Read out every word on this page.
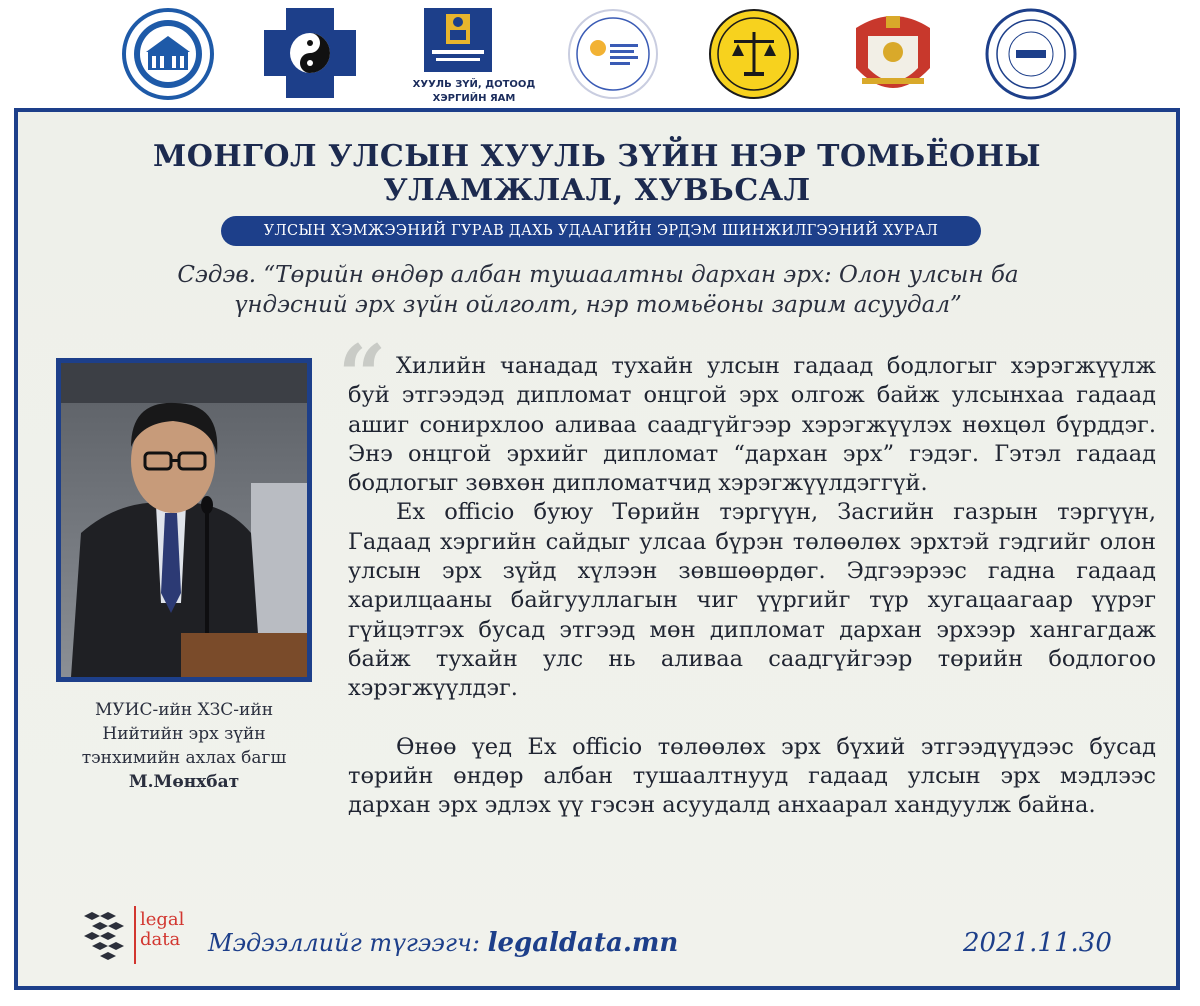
ХУУЛЬ ЗҮЙ, ДОТООД
ХЭРГИЙН ЯАМ
МОНГОЛ УЛСЫН ХУУЛЬ ЗҮЙН НЭР ТОМЬЁОНЫ
УЛАМЖЛАЛ, ХУВЬСАЛ
УЛСЫН ХЭМЖЭЭНИЙ ГУРАВ ДАХЬ УДААГИЙН ЭРДЭМ ШИНЖИЛГЭЭНИЙ ХУРАЛ
Сэдэв. “Төрийн өндөр албан тушаалтны дархан эрх: Олон улсын ба
үндэсний эрх зүйн ойлголт, нэр томьёоны зарим асуудал”
МУИС-ийн ХЗС-ийн
Нийтийн эрх зүйн
тэнхимийн ахлах багш
М.Мөнхбат
“ Хилийн чанадад тухайн улсын гадаад бодлогыг хэрэгжүүлж буй этгээдэд дипломат онцгой эрх олгож байж улсынхаа гадаад ашиг сонирхлоо аливаа саадгүйгээр хэрэгжүүлэх нөхцөл бүрддэг. Энэ онцгой эрхийг дипломат “дархан эрх” гэдэг. Гэтэл гадаад бодлогыг зөвхөн дипломатчид хэрэгжүүлдэггүй.

Ex officio буюу Төрийн тэргүүн, Засгийн газрын тэргүүн, Гадаад хэргийн сайдыг улсаа бүрэн төлөөлөх эрхтэй гэдгийг олон улсын эрх зүйд хүлээн зөвшөөрдөг. Эдгээрээс гадна гадаад харилцааны байгууллагын чиг үүргийг түр хугацаагаар үүрэг гүйцэтгэх бусад этгээд мөн дипломат дархан эрхээр хангагдаж байж тухайн улс нь аливаа саадгүйгээр төрийн бодлогоо хэрэгжүүлдэг.

Өнөө үед Ex officio төлөөлөх эрх бүхий этгээдүүдээс бусад төрийн өндөр албан тушаалтнууд гадаад улсын эрх мэдлээс дархан эрх эдлэх үү гэсэн асуудалд анхаарал хандуулж байна.

legal
data Мэдээллийг түгээгч: legaldata.mn	2021.11.30
